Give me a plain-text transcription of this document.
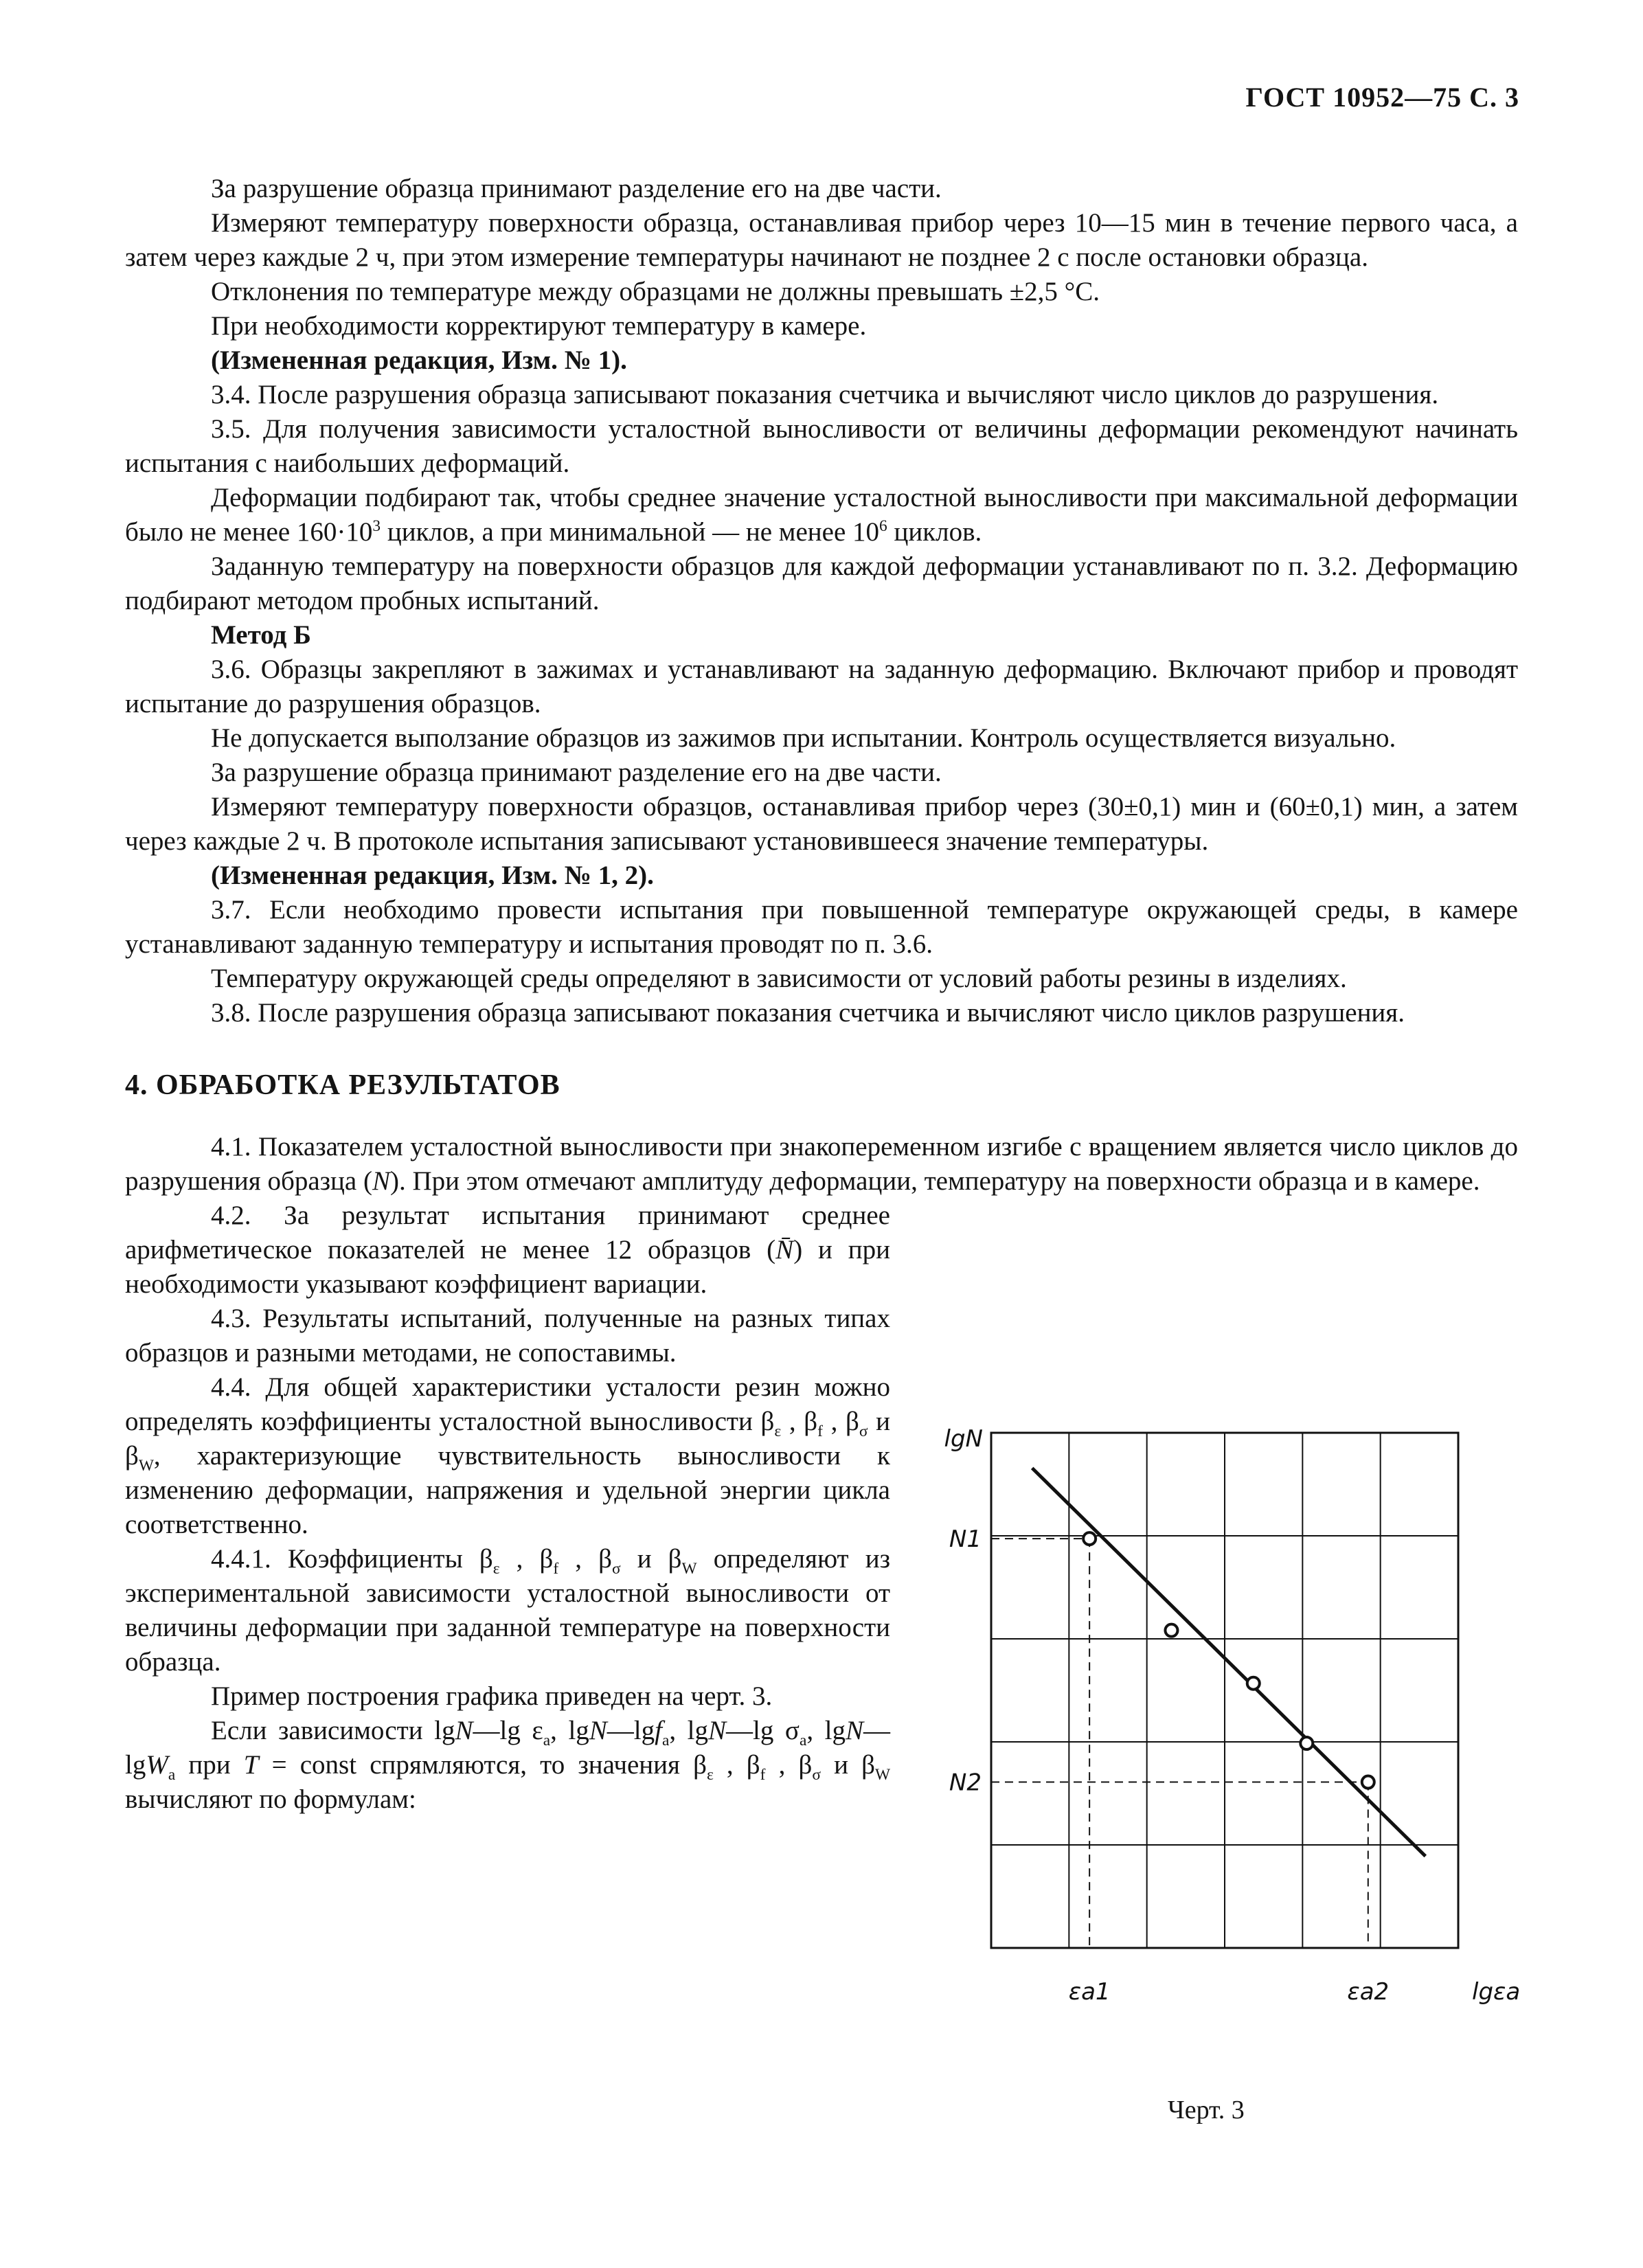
ГОСТ 10952—75 С. 3

За разрушение образца принимают разделение его на две части.

Измеряют температуру поверхности образца, останавливая прибор через 10—15 мин в течение первого часа, а затем через каждые 2 ч, при этом измерение температуры начинают не позднее 2 с после остановки образца.

Отклонения по температуре между образцами не должны превышать ±2,5 °С.

При необходимости корректируют температуру в камере.

(Измененная редакция, Изм. № 1).

3.4. После разрушения образца записывают показания счетчика и вычисляют число циклов до разрушения.

3.5. Для получения зависимости усталостной выносливости от величины деформации рекомендуют начинать испытания с наибольших деформаций.

Деформации подбирают так, чтобы среднее значение усталостной выносливости при максимальной деформации было не менее $160\cdot 10^3$ циклов, а при минимальной — не менее $10^6$ циклов.

Заданную температуру на поверхности образцов для каждой деформации устанавливают по п. 3.2. Деформацию подбирают методом пробных испытаний.

Метод Б

3.6. Образцы закрепляют в зажимах и устанавливают на заданную деформацию. Включают прибор и проводят испытание до разрушения образцов.

Не допускается выползание образцов из зажимов при испытании. Контроль осуществляется визуально.

За разрушение образца принимают разделение его на две части.

Измеряют температуру поверхности образцов, останавливая прибор через (30±0,1) мин и (60±0,1) мин, а затем через каждые 2 ч. В протоколе испытания записывают установившееся значение температуры.

(Измененная редакция, Изм. № 1, 2).

3.7. Если необходимо провести испытания при повышенной температуре окружающей среды, в камере устанавливают заданную температуру и испытания проводят по п. 3.6.

Температуру окружающей среды определяют в зависимости от условий работы резины в изделиях.

3.8. После разрушения образца записывают показания счетчика и вычисляют число циклов разрушения.

4. ОБРАБОТКА РЕЗУЛЬТАТОВ

4.1. Показателем усталостной выносливости при знакопеременном изгибе с вращением является число циклов до разрушения образца (N). При этом отмечают амплитуду деформации, температуру на поверхности образца и в камере.

4.2. За результат испытания принимают среднее арифметическое показателей не менее 12 образцов (N̄) и при необходимости указывают коэффициент вариации.

4.3. Результаты испытаний, полученные на разных типах образцов и разными методами, не сопоставимы.

4.4. Для общей характеристики усталости резин можно определять коэффициенты усталостной выносливости $\beta_\varepsilon$ , $\beta_f$ , $\beta_\sigma$ и $\beta_W$, характеризующие чувствительность выносливости к изменению деформации, напряжения и удельной энергии цикла соответственно.

4.4.1. Коэффициенты $\beta_\varepsilon$ , $\beta_f$ , $\beta_\sigma$ и $\beta_W$ определяют из экспериментальной зависимости усталостной выносливости от величины деформации при заданной температуре на поверхности образца.

Пример построения графика приведен на черт. 3.

Если зависимости lgN—lg $\varepsilon_a$, lgN—lgf$_a$, lgN—lg $\sigma_a$, lgN—lgW$_a$ при T = const спрямляются, то значения $\beta_\varepsilon$ , $\beta_f$ , $\beta_\sigma$ и $\beta_W$ вычисляют по формулам:

lgN
N1
N2
εa1	εa2	lgεa
Черт. 3
